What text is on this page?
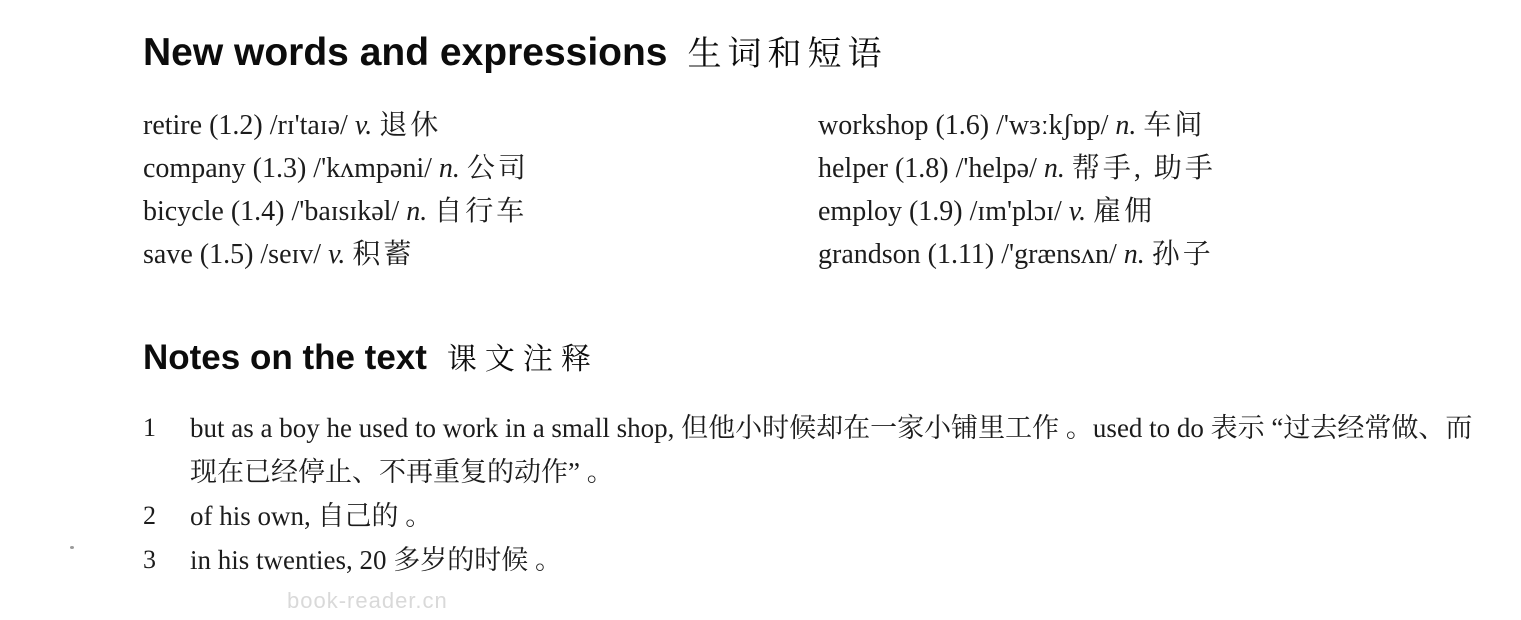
New words and expressions 生词和短语
retire (1.2) /rɪ'taɪə/ v. 退休
company (1.3) /'kʌmpəni/ n. 公司
bicycle (1.4) /'baɪsɪkəl/ n. 自行车
save (1.5) /seɪv/ v. 积蓄
workshop (1.6) /'wɜːkʃɒp/ n. 车间
helper (1.8) /'helpə/ n. 帮手, 助手
employ (1.9) /ɪm'plɔɪ/ v. 雇佣
grandson (1.11) /'grænsʌn/ n. 孙子
Notes on the text 课文注释
1	but as a boy he used to work in a small shop, 但他小时候却在一家小铺里工作 。used to do 表示 “过去经常做、而现在已经停止、不再重复的动作” 。
2	of his own, 自己的 。
3	in his twenties, 20 多岁的时候 。
book-reader.cn
